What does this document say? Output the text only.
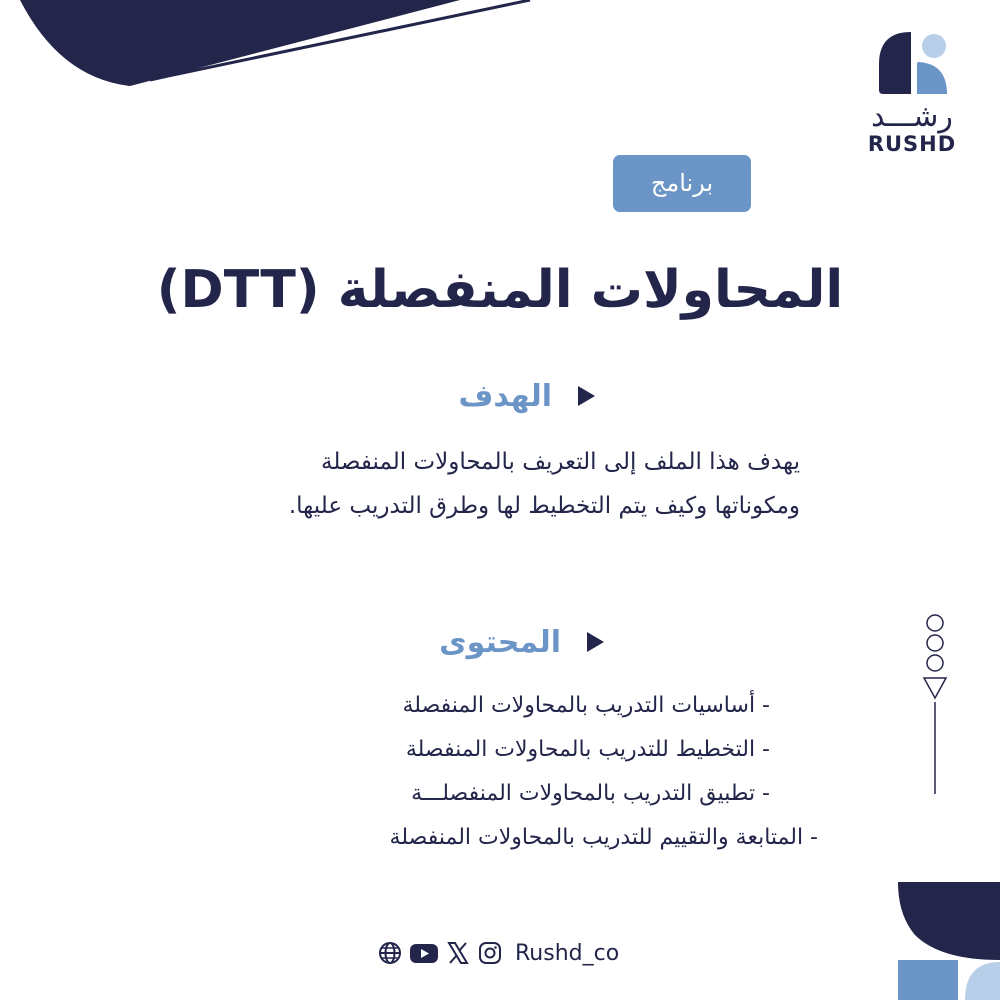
رشـــد
RUSHD
برنامج
المحاولات المنفصلة (DTT)
الهدف
يهدف هذا الملف إلى التعريف بالمحاولات المنفصلة
ومكوناتها وكيف يتم التخطيط لها وطرق التدريب عليها.
المحتوى
- أساسيات التدريب بالمحاولات المنفصلة
- التخطيط للتدريب بالمحاولات المنفصلة
- تطبيق التدريب بالمحاولات المنفصلـــة
- المتابعة والتقييم للتدريب بالمحاولات المنفصلة
Rushd_co
